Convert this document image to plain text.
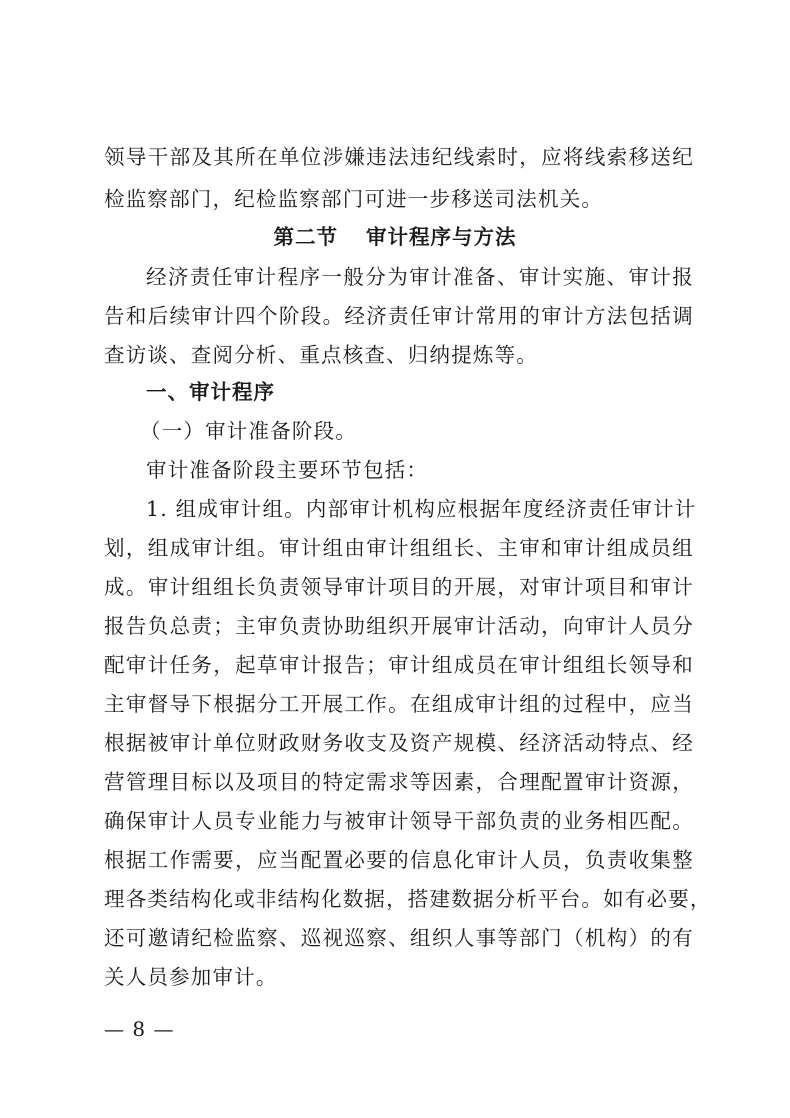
领导干部及其所在单位涉嫌违法违纪线索时，应将线索移送纪
检监察部门，纪检监察部门可进一步移送司法机关。
第二节 审计程序与方法
经济责任审计程序一般分为审计准备、审计实施、审计报
告和后续审计四个阶段。经济责任审计常用的审计方法包括调
查访谈、查阅分析、重点核查、归纳提炼等。
一、审计程序
（一）审计准备阶段。
审计准备阶段主要环节包括：
1. 组成审计组。内部审计机构应根据年度经济责任审计计
划，组成审计组。审计组由审计组组长、主审和审计组成员组
成。审计组组长负责领导审计项目的开展，对审计项目和审计
报告负总责；主审负责协助组织开展审计活动，向审计人员分
配审计任务，起草审计报告；审计组成员在审计组组长领导和
主审督导下根据分工开展工作。在组成审计组的过程中，应当
根据被审计单位财政财务收支及资产规模、经济活动特点、经
营管理目标以及项目的特定需求等因素，合理配置审计资源，
确保审计人员专业能力与被审计领导干部负责的业务相匹配。
根据工作需要，应当配置必要的信息化审计人员，负责收集整
理各类结构化或非结构化数据，搭建数据分析平台。如有必要，
还可邀请纪检监察、巡视巡察、组织人事等部门（机构）的有
关人员参加审计。
— 8 —
